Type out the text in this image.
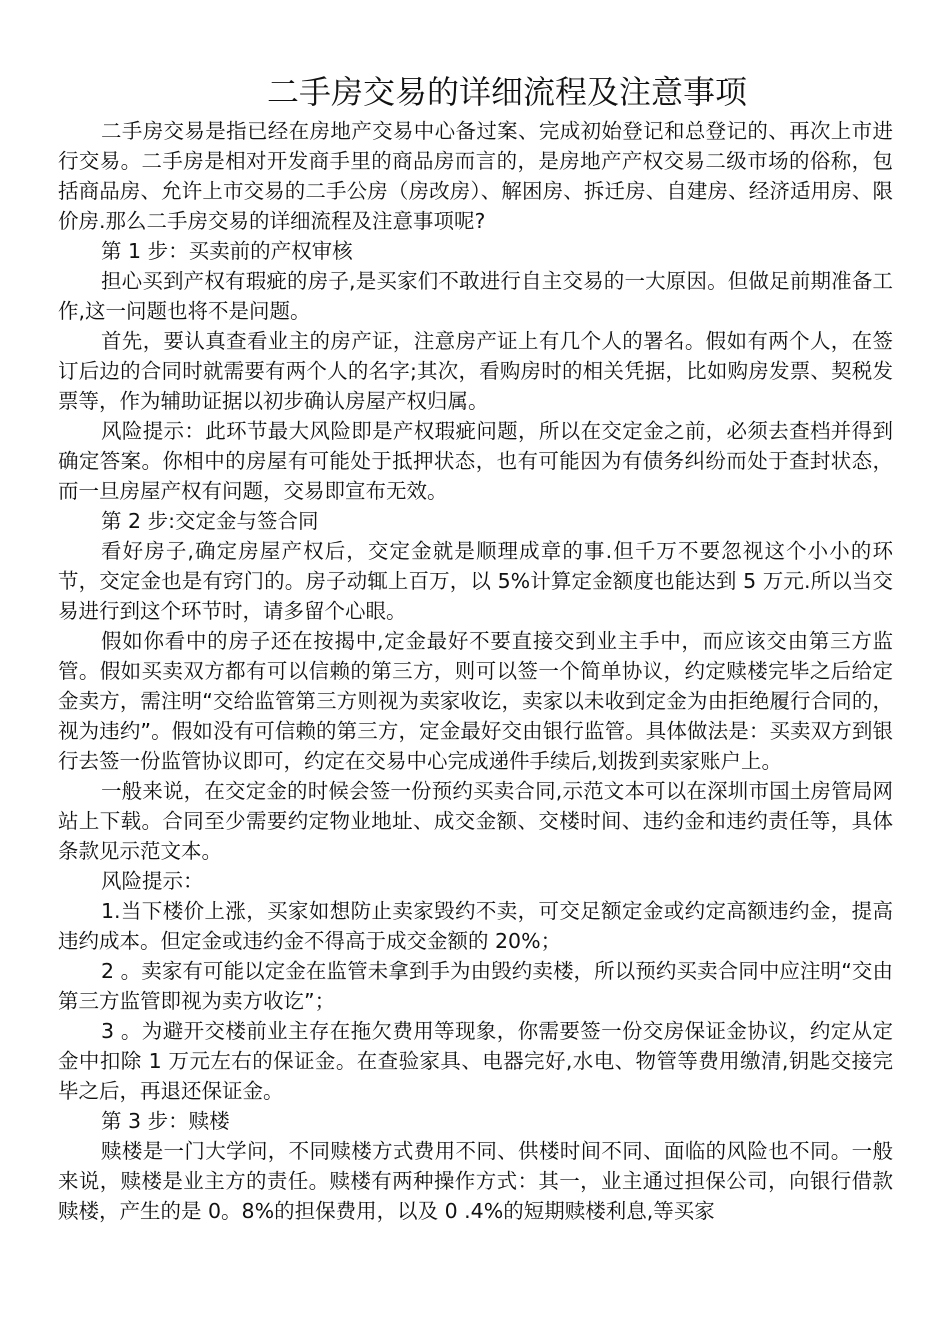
二手房交易的详细流程及注意事项

二手房交易是指已经在房地产交易中心备过案、完成初始登记和总登记的、再次上市进行交易。二手房是相对开发商手里的商品房而言的，是房地产产权交易二级市场的俗称，包括商品房、允许上市交易的二手公房（房改房）、解困房、拆迁房、自建房、经济适用房、限价房.那么二手房交易的详细流程及注意事项呢?

第 1 步：买卖前的产权审核

担心买到产权有瑕疵的房子,是买家们不敢进行自主交易的一大原因。但做足前期准备工作,这一问题也将不是问题。

首先，要认真查看业主的房产证，注意房产证上有几个人的署名。假如有两个人，在签订后边的合同时就需要有两个人的名字;其次，看购房时的相关凭据，比如购房发票、契税发票等，作为辅助证据以初步确认房屋产权归属。

风险提示：此环节最大风险即是产权瑕疵问题，所以在交定金之前，必须去查档并得到确定答案。你相中的房屋有可能处于抵押状态，也有可能因为有债务纠纷而处于查封状态，而一旦房屋产权有问题，交易即宣布无效。

第 2 步:交定金与签合同

看好房子,确定房屋产权后，交定金就是顺理成章的事.但千万不要忽视这个小小的环节，交定金也是有窍门的。房子动辄上百万，以 5%计算定金额度也能达到 5 万元.所以当交易进行到这个环节时，请多留个心眼。

假如你看中的房子还在按揭中,定金最好不要直接交到业主手中，而应该交由第三方监管。假如买卖双方都有可以信赖的第三方，则可以签一个简单协议，约定赎楼完毕之后给定金卖方，需注明“交给监管第三方则视为卖家收讫，卖家以未收到定金为由拒绝履行合同的，视为违约”。假如没有可信赖的第三方，定金最好交由银行监管。具体做法是：买卖双方到银行去签一份监管协议即可，约定在交易中心完成递件手续后,划拨到卖家账户上。

一般来说，在交定金的时候会签一份预约买卖合同,示范文本可以在深圳市国土房管局网站上下载。合同至少需要约定物业地址、成交金额、交楼时间、违约金和违约责任等，具体条款见示范文本。

风险提示：

1.当下楼价上涨，买家如想防止卖家毁约不卖，可交足额定金或约定高额违约金，提高违约成本。但定金或违约金不得高于成交金额的 20%；

2 。卖家有可能以定金在监管未拿到手为由毁约卖楼，所以预约买卖合同中应注明“交由第三方监管即视为卖方收讫”；

3 。为避开交楼前业主存在拖欠费用等现象，你需要签一份交房保证金协议，约定从定金中扣除 1 万元左右的保证金。在查验家具、电器完好,水电、物管等费用缴清,钥匙交接完毕之后，再退还保证金。

第 3 步：赎楼

赎楼是一门大学问，不同赎楼方式费用不同、供楼时间不同、面临的风险也不同。一般来说，赎楼是业主方的责任。赎楼有两种操作方式：其一，业主通过担保公司，向银行借款赎楼，产生的是 0。8%的担保费用，以及 0 .4%的短期赎楼利息,等买家
